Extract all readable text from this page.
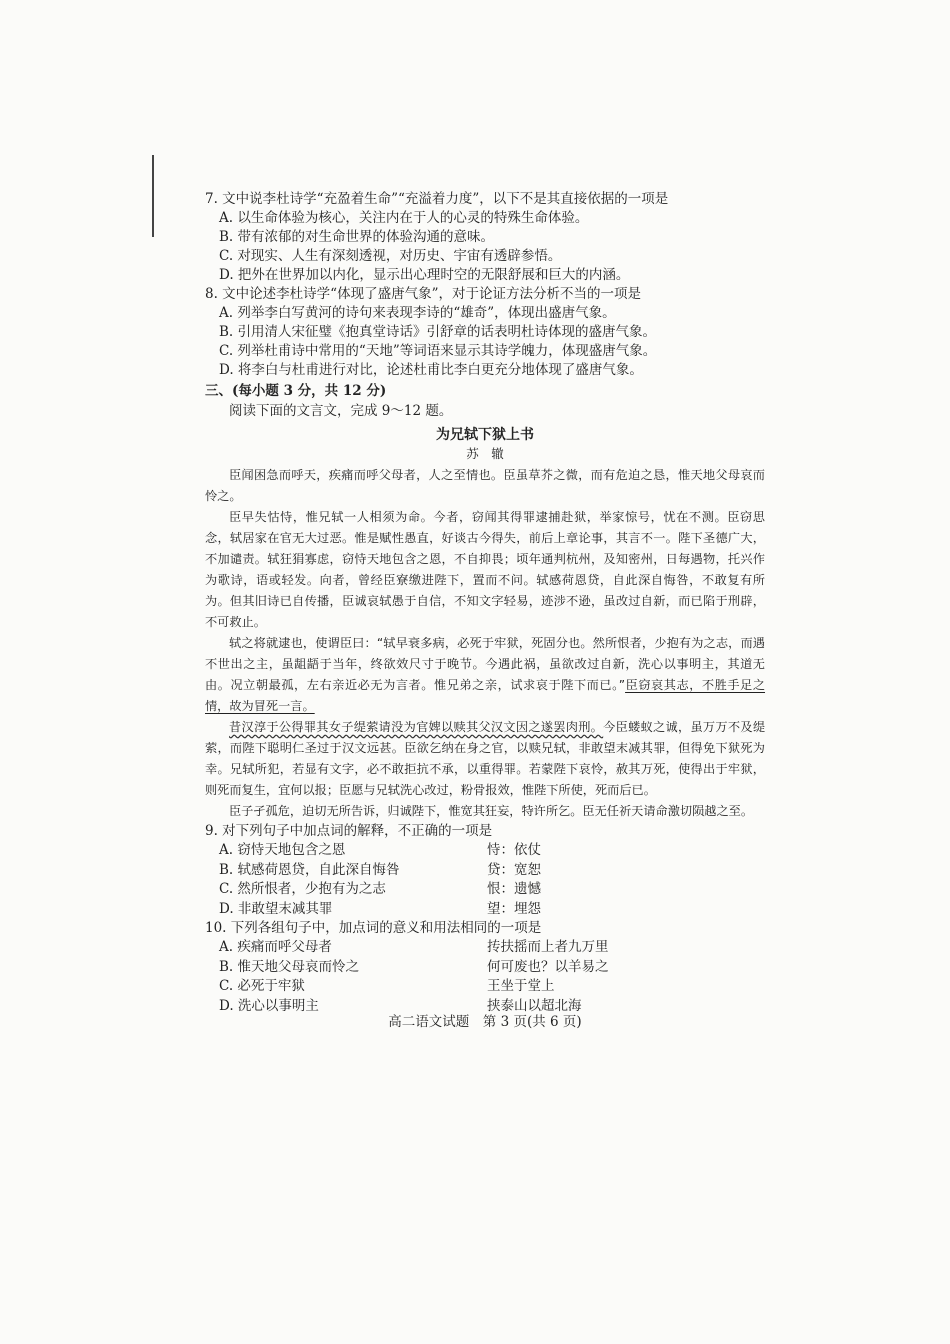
7. 文中说李杜诗学“充盈着生命”“充溢着力度”，以下不是其直接依据的一项是
A. 以生命体验为核心，关注内在于人的心灵的特殊生命体验。
B. 带有浓郁的对生命世界的体验沟通的意味。
C. 对现实、人生有深刻透视，对历史、宇宙有透辟参悟。
D. 把外在世界加以内化，显示出心理时空的无限舒展和巨大的内涵。
8. 文中论述李杜诗学“体现了盛唐气象”，对于论证方法分析不当的一项是
A. 列举李白写黄河的诗句来表现李诗的“雄奇”，体现出盛唐气象。
B. 引用清人宋征璧《抱真堂诗话》引舒章的话表明杜诗体现的盛唐气象。
C. 列举杜甫诗中常用的“天地”等词语来显示其诗学魄力，体现盛唐气象。
D. 将李白与杜甫进行对比，论述杜甫比李白更充分地体现了盛唐气象。
三、(每小题 3 分，共 12 分)
阅读下面的文言文，完成 9～12 题。
为兄轼下狱上书
苏　辙

臣闻困急而呼天，疾痛而呼父母者，人之至情也。臣虽草芥之微，而有危迫之恳，惟天地父母哀而怜之。

臣早失怙恃，惟兄轼一人相须为命。今者，窃闻其得罪逮捕赴狱，举家惊号，忧在不测。臣窃思念，轼居家在官无大过恶。惟是赋性愚直，好谈古今得失，前后上章论事，其言不一。陛下圣德广大，不加谴责。轼狂狷寡虑，窃恃天地包含之恩，不自抑畏；顷年通判杭州，及知密州，日每遇物，托兴作为歌诗，语或轻发。向者，曾经臣寮缴进陛下，置而不问。轼感荷恩贷，自此深自悔咎，不敢复有所为。但其旧诗已自传播，臣诚哀轼愚于自信，不知文字轻易，迹涉不逊，虽改过自新，而已陷于刑辟，不可救止。

轼之将就逮也，使谓臣曰：“轼早衰多病，必死于牢狱，死固分也。然所恨者，少抱有为之志，而遇不世出之主，虽龃龉于当年，终欲效尺寸于晚节。今遇此祸，虽欲改过自新，洗心以事明主，其道无由。况立朝最孤，左右亲近必无为言者。惟兄弟之亲，试求哀于陛下而已。”臣窃哀其志，不胜手足之情，故为冒死一言。

昔汉淳于公得罪其女子缇萦请没为官婢以赎其父汉文因之遂罢肉刑。今臣蝼蚁之诚，虽万万不及缇萦，而陛下聪明仁圣过于汉文远甚。臣欲乞纳在身之官，以赎兄轼，非敢望末减其罪，但得免下狱死为幸。兄轼所犯，若显有文字，必不敢拒抗不承，以重得罪。若蒙陛下哀怜，赦其万死，使得出于牢狱，则死而复生，宜何以报；臣愿与兄轼洗心改过，粉骨报效，惟陛下所使，死而后已。

臣子孑孤危，迫切无所告诉，归诚陛下，惟宽其狂妄，特许所乞。臣无任祈天请命激切陨越之至。

9. 对下列句子中加点词的解释，不正确的一项是
A. 窃恃天地包含之恩	恃：依仗
B. 轼感荷恩贷，自此深自悔咎	贷：宽恕
C. 然所恨者，少抱有为之志	恨：遗憾
D. 非敢望末减其罪	望：埋怨
10. 下列各组句子中，加点词的意义和用法相同的一项是
A. 疾痛而呼父母者	抟扶摇而上者九万里
B. 惟天地父母哀而怜之	何可废也？以羊易之
C. 必死于牢狱	王坐于堂上
D. 洗心以事明主	挟泰山以超北海
高二语文试题　第 3 页(共 6 页)
